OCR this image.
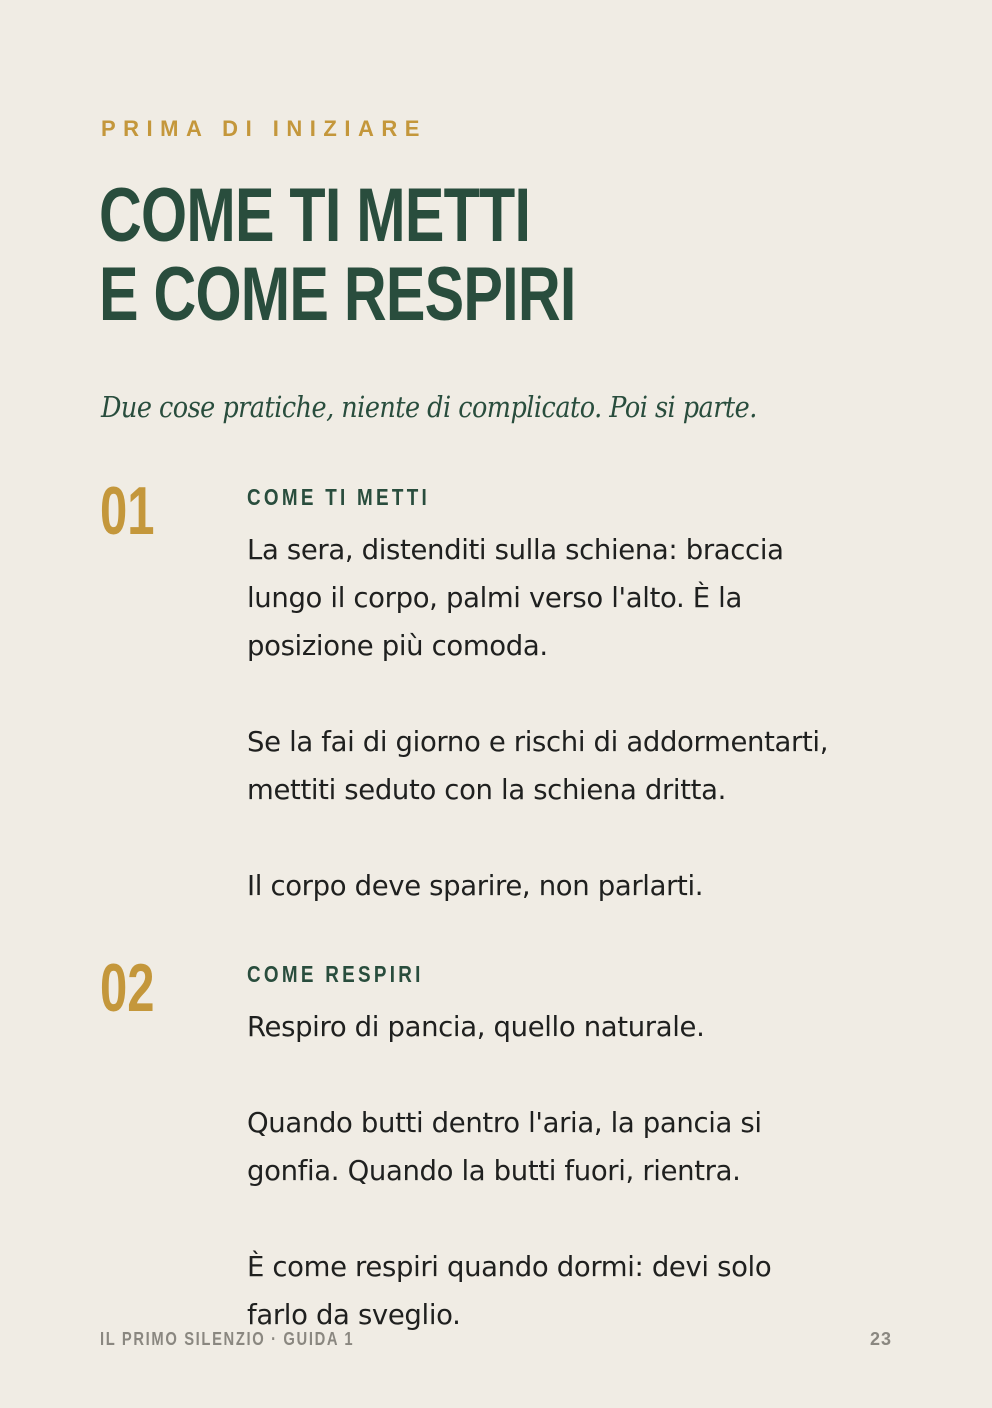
PRIMA DI INIZIARE
COME TI METTI
E COME RESPIRI

Due cose pratiche, niente di complicato. Poi si parte.

01	COME TI METTI

La sera, distenditi sulla schiena: braccia
lungo il corpo, palmi verso l'alto. È la
posizione più comoda.

Se la fai di giorno e rischi di addormentarti,
mettiti seduto con la schiena dritta.

Il corpo deve sparire, non parlarti.

02	COME RESPIRI

Respiro di pancia, quello naturale.

Quando butti dentro l'aria, la pancia si
gonfia. Quando la butti fuori, rientra.

È come respiri quando dormi: devi solo
farlo da sveglio.

IL PRIMO SILENZIO · GUIDA 1	23
